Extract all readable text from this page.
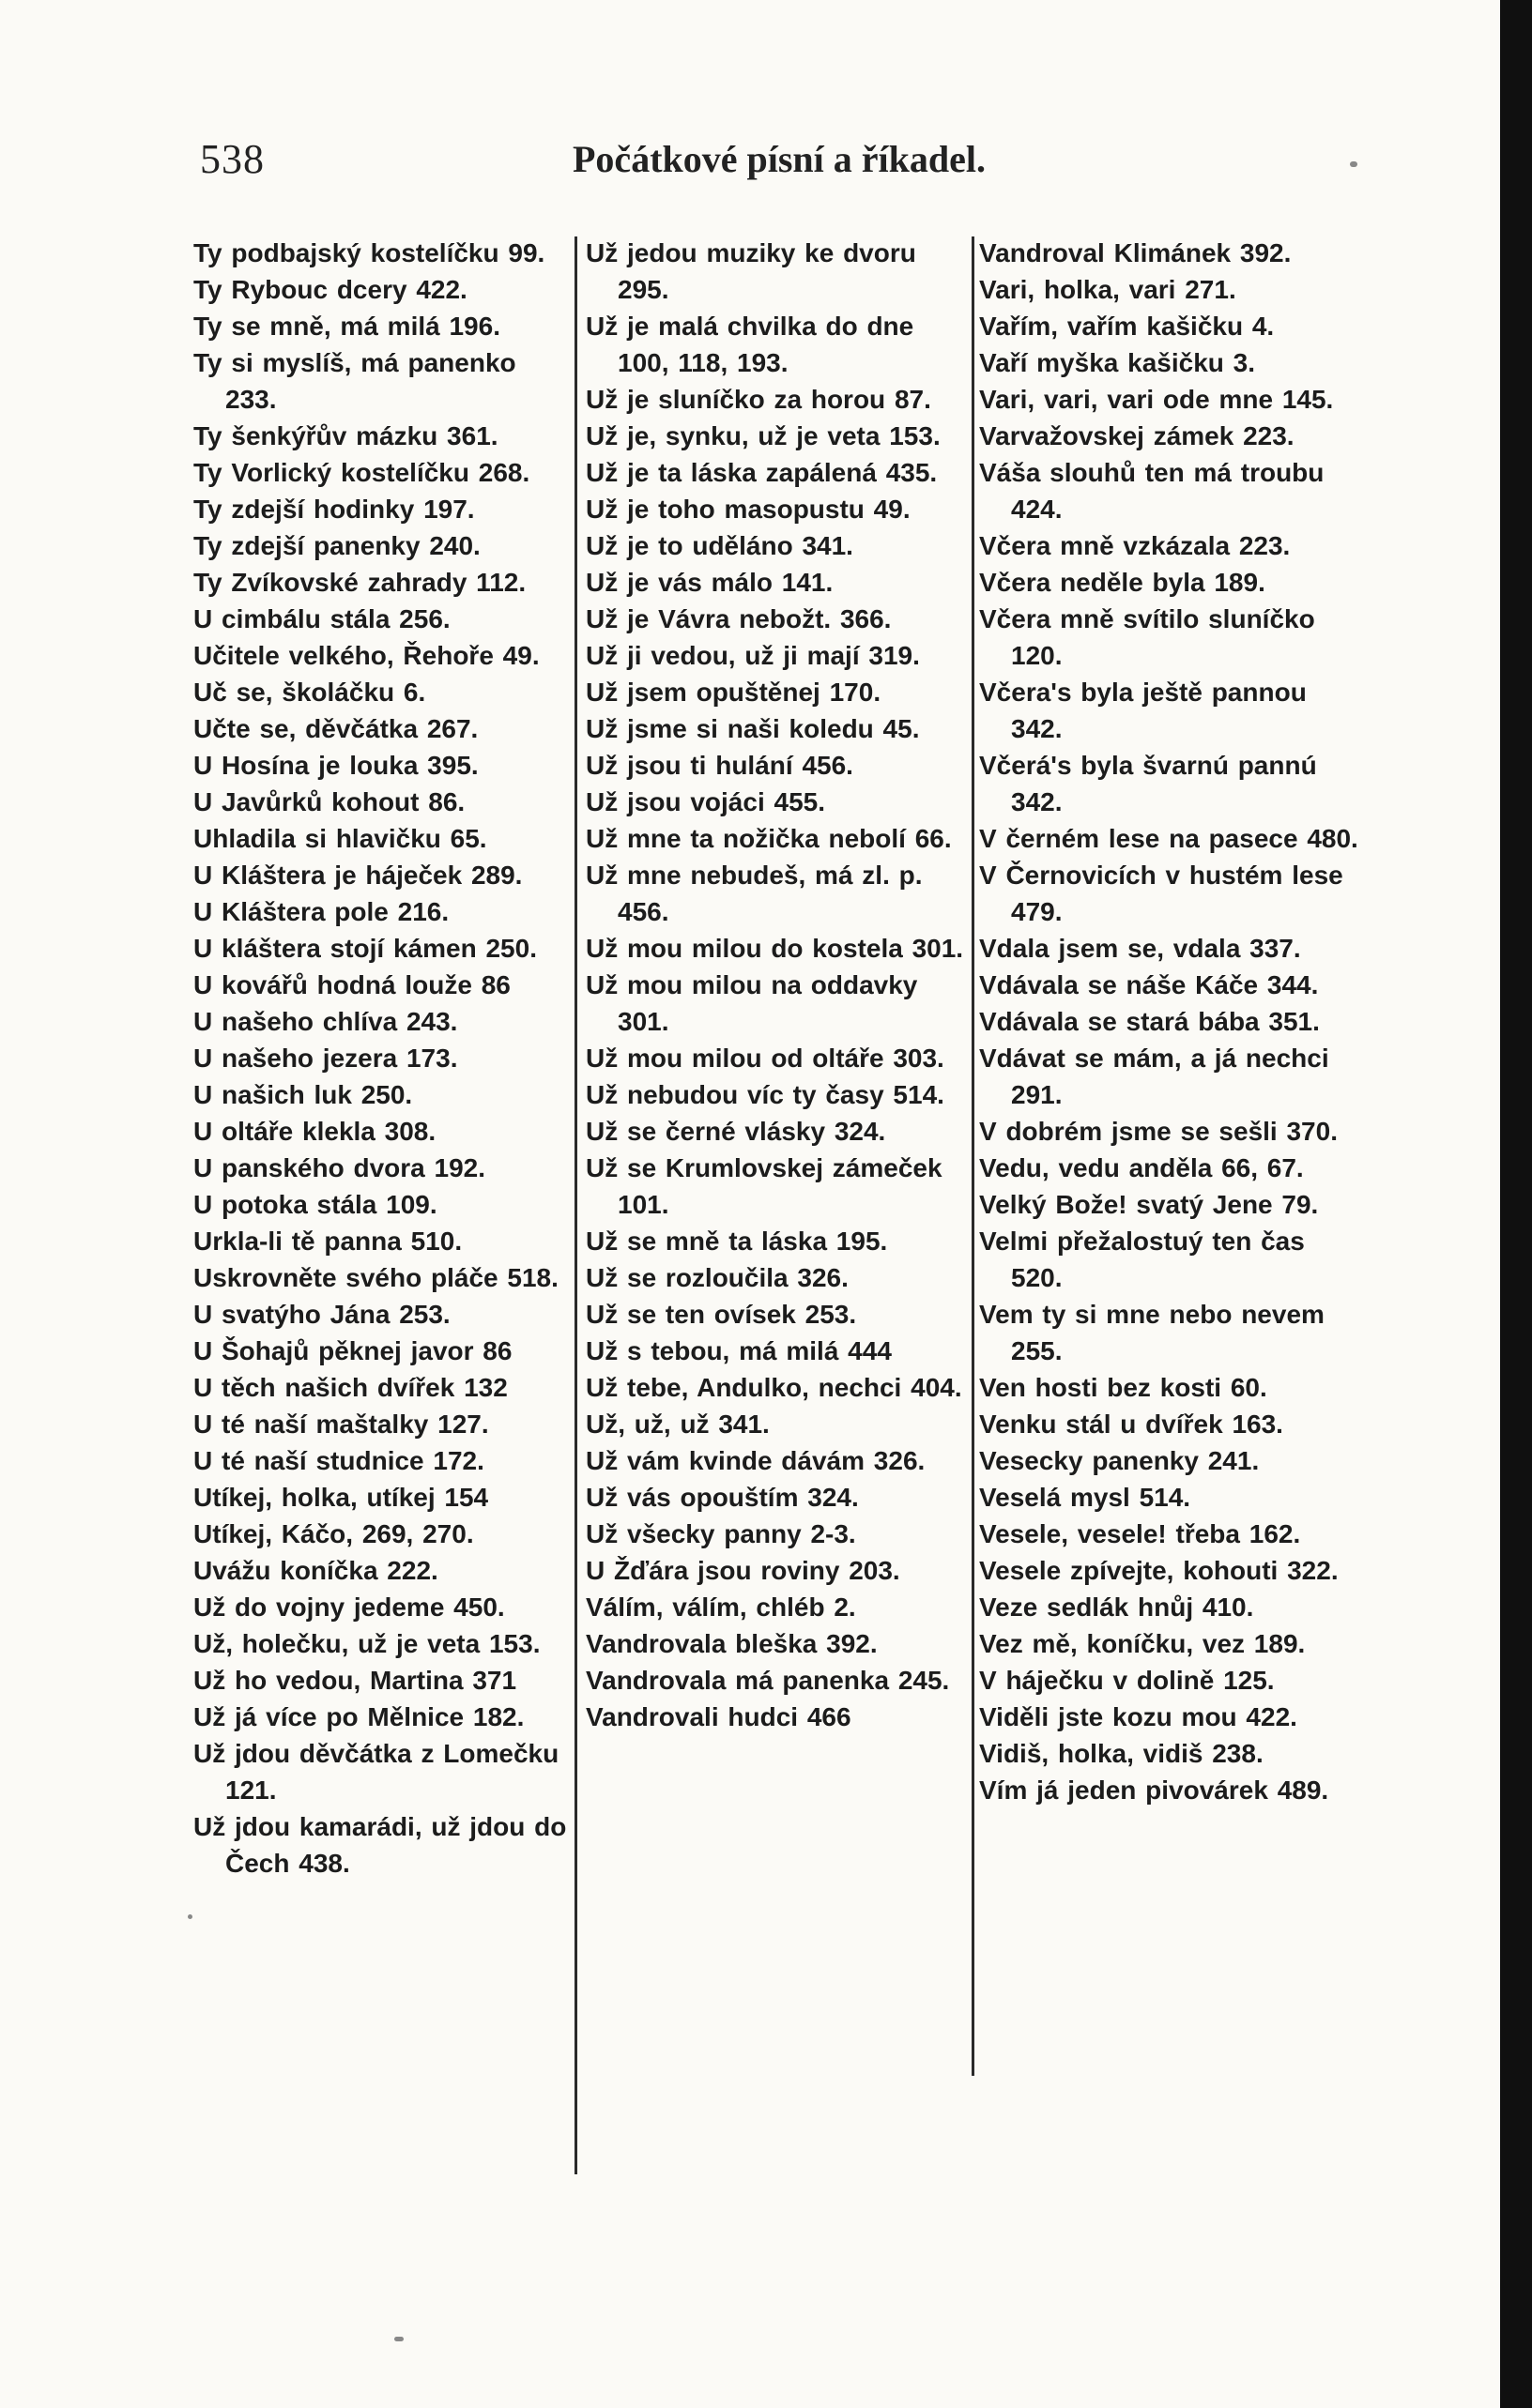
538	Počátkové písní a říkadel.
Ty podbajský kostelíčku 99.
Ty Rybouc dcery 422.
Ty se mně, má milá 196.
Ty si myslíš, má panenko 233.
Ty šenkýřův mázku 361.
Ty Vorlický kostelíčku 268.
Ty zdejší hodinky 197.
Ty zdejší panenky 240.
Ty Zvíkovské zahrady 112.
U cimbálu stála 256.
Učitele velkého, Řehoře 49.
Uč se, školáčku 6.
Učte se, děvčátka 267.
U Hosína je louka 395.
U Javůrků kohout 86.
Uhladila si hlavičku 65.
U Kláštera je háječek 289.
U Kláštera pole 216.
U kláštera stojí kámen 250.
U kovářů hodná louže 86
U našeho chlíva 243.
U našeho jezera 173.
U našich luk 250.
U oltáře klekla 308.
U panského dvora 192.
U potoka stála 109.
Urkla-li tě panna 510.
Uskrovněte svého pláče 518.
U svatýho Jána 253.
U Šohajů pěknej javor 86
U těch našich dvířek 132
U té naší maštalky 127.
U té naší studnice 172.
Utíkej, holka, utíkej 154
Utíkej, Káčo, 269, 270.
Uvážu koníčka 222.
Už do vojny jedeme 450.
Už, holečku, už je veta 153.
Už ho vedou, Martina 371
Už já více po Mělnice 182.
Už jdou děvčátka z Lomečku 121.
Už jdou kamarádi, už jdou do Čech 438.
Už jedou muziky ke dvoru 295.
Už je malá chvilka do dne 100, 118, 193.
Už je sluníčko za horou 87.
Už je, synku, už je veta 153.
Už je ta láska zapálená 435.
Už je toho masopustu 49.
Už je to uděláno 341.
Už je vás málo 141.
Už je Vávra nebožt. 366.
Už ji vedou, už ji mají 319.
Už jsem opuštěnej 170.
Už jsme si naši koledu 45.
Už jsou ti hulání 456.
Už jsou vojáci 455.
Už mne ta nožička nebolí 66.
Už mne nebudeš, má zl. p. 456.
Už mou milou do kostela 301.
Už mou milou na oddavky 301.
Už mou milou od oltáře 303.
Už nebudou víc ty časy 514.
Už se černé vlásky 324.
Už se Krumlovskej zámeček 101.
Už se mně ta láska 195.
Už se rozloučila 326.
Už se ten ovísek 253.
Už s tebou, má milá 444
Už tebe, Andulko, nechci 404.
Už, už, už 341.
Už vám kvinde dávám 326.
Už vás opouštím 324.
Už všecky panny 2-3.
U Žďára jsou roviny 203.
Válím, válím, chléb 2.
Vandrovala bleška 392.
Vandrovala má panenka 245.
Vandrovali hudci 466
Vandroval Klimánek 392.
Vari, holka, vari 271.
Vařím, vařím kašičku 4.
Vaří myška kašičku 3.
Vari, vari, vari ode mne 145.
Varvažovskej zámek 223.
Váša slouhů ten má troubu 424.
Včera mně vzkázala 223.
Včera neděle byla 189.
Včera mně svítilo sluníčko 120.
Včera's byla ještě pannou 342.
Včerá's byla švarnú pannú 342.
V černém lese na pasece 480.
V Černovicích v hustém lese 479.
Vdala jsem se, vdala 337.
Vdávala se náše Káče 344.
Vdávala se stará bába 351.
Vdávat se mám, a já nechci 291.
V dobrém jsme se sešli 370.
Vedu, vedu anděla 66, 67.
Velký Bože! svatý Jene 79.
Velmi přežalostuý ten čas 520.
Vem ty si mne nebo nevem 255.
Ven hosti bez kosti 60.
Venku stál u dvířek 163.
Vesecky panenky 241.
Veselá mysl 514.
Vesele, vesele! třeba 162.
Vesele zpívejte, kohouti 322.
Veze sedlák hnůj 410.
Vez mě, koníčku, vez 189.
V háječku v dolině 125.
Viděli jste kozu mou 422.
Vidiš, holka, vidiš 238.
Vím já jeden pivovárek 489.
